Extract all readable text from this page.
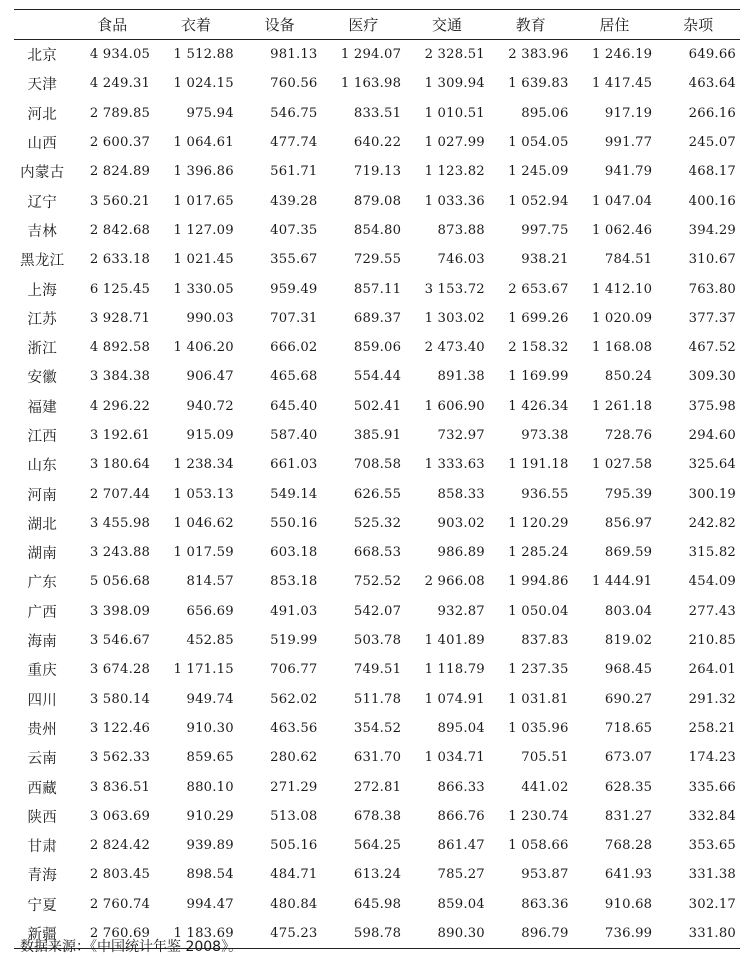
	食品	衣着	设备	医疗	交通	教育	居住	杂项
北京	4 934.05	1 512.88	981.13	1 294.07	2 328.51	2 383.96	1 246.19	649.66
天津	4 249.31	1 024.15	760.56	1 163.98	1 309.94	1 639.83	1 417.45	463.64
河北	2 789.85	975.94	546.75	833.51	1 010.51	895.06	917.19	266.16
山西	2 600.37	1 064.61	477.74	640.22	1 027.99	1 054.05	991.77	245.07
内蒙古	2 824.89	1 396.86	561.71	719.13	1 123.82	1 245.09	941.79	468.17
辽宁	3 560.21	1 017.65	439.28	879.08	1 033.36	1 052.94	1 047.04	400.16
吉林	2 842.68	1 127.09	407.35	854.80	873.88	997.75	1 062.46	394.29
黑龙江	2 633.18	1 021.45	355.67	729.55	746.03	938.21	784.51	310.67
上海	6 125.45	1 330.05	959.49	857.11	3 153.72	2 653.67	1 412.10	763.80
江苏	3 928.71	990.03	707.31	689.37	1 303.02	1 699.26	1 020.09	377.37
浙江	4 892.58	1 406.20	666.02	859.06	2 473.40	2 158.32	1 168.08	467.52
安徽	3 384.38	906.47	465.68	554.44	891.38	1 169.99	850.24	309.30
福建	4 296.22	940.72	645.40	502.41	1 606.90	1 426.34	1 261.18	375.98
江西	3 192.61	915.09	587.40	385.91	732.97	973.38	728.76	294.60
山东	3 180.64	1 238.34	661.03	708.58	1 333.63	1 191.18	1 027.58	325.64
河南	2 707.44	1 053.13	549.14	626.55	858.33	936.55	795.39	300.19
湖北	3 455.98	1 046.62	550.16	525.32	903.02	1 120.29	856.97	242.82
湖南	3 243.88	1 017.59	603.18	668.53	986.89	1 285.24	869.59	315.82
广东	5 056.68	814.57	853.18	752.52	2 966.08	1 994.86	1 444.91	454.09
广西	3 398.09	656.69	491.03	542.07	932.87	1 050.04	803.04	277.43
海南	3 546.67	452.85	519.99	503.78	1 401.89	837.83	819.02	210.85
重庆	3 674.28	1 171.15	706.77	749.51	1 118.79	1 237.35	968.45	264.01
四川	3 580.14	949.74	562.02	511.78	1 074.91	1 031.81	690.27	291.32
贵州	3 122.46	910.30	463.56	354.52	895.04	1 035.96	718.65	258.21
云南	3 562.33	859.65	280.62	631.70	1 034.71	705.51	673.07	174.23
西藏	3 836.51	880.10	271.29	272.81	866.33	441.02	628.35	335.66
陕西	3 063.69	910.29	513.08	678.38	866.76	1 230.74	831.27	332.84
甘肃	2 824.42	939.89	505.16	564.25	861.47	1 058.66	768.28	353.65
青海	2 803.45	898.54	484.71	613.24	785.27	953.87	641.93	331.38
宁夏	2 760.74	994.47	480.84	645.98	859.04	863.36	910.68	302.17
新疆	2 760.69	1 183.69	475.23	598.78	890.30	896.79	736.99	331.80
数据来源：《中国统计年鉴 2008》。
